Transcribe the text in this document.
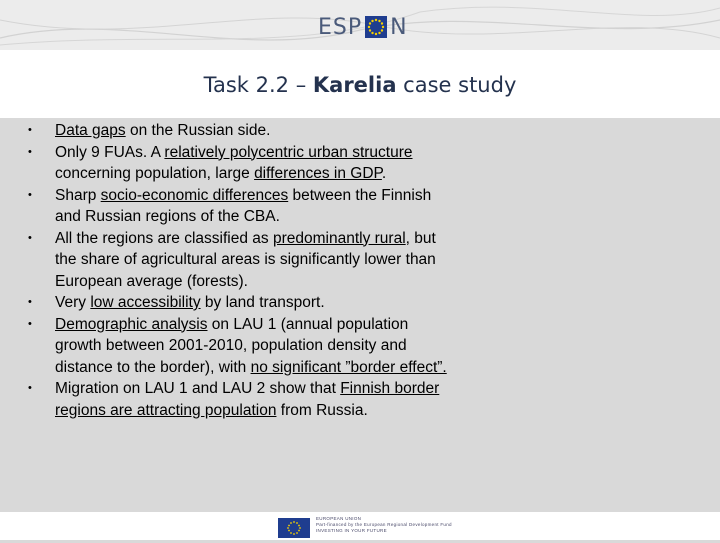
ESP N
Task 2.2 – Karelia case study
• Data gaps on the Russian side.
• Only 9 FUAs. A relatively polycentric urban structure concerning population, large differences in GDP.
• Sharp socio-economic differences between the Finnish and Russian regions of the CBA.
• All the regions are classified as predominantly rural, but the share of agricultural areas is significantly lower than European average (forests).
• Very low accessibility by land transport.
• Demographic analysis on LAU 1 (annual population growth between 2001-2010, population density and distance to the border), with no significant ”border effect”.
• Migration on LAU 1 and LAU 2 show that Finnish border regions are attracting population from Russia.
EUROPEAN UNION
Part-financed by the European Regional Development Fund
INVESTING IN YOUR FUTURE
